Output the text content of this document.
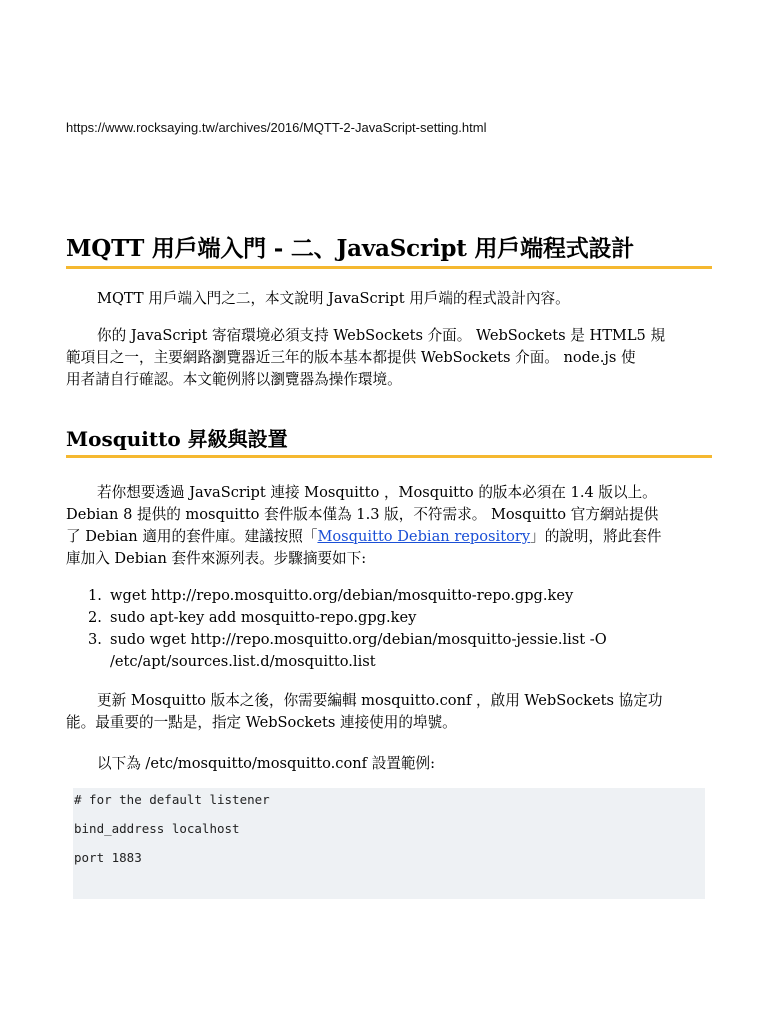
https://www.rocksaying.tw/archives/2016/MQTT-2-JavaScript-setting.html
MQTT 用戶端入門 - 二、JavaScript 用戶端程式設計
MQTT 用戶端入門之二，本文說明 JavaScript 用戶端的程式設計內容。
你的 JavaScript 寄宿環境必須支持 WebSockets 介面。 WebSockets 是 HTML5 規
範項目之一，主要網路瀏覽器近三年的版本基本都提供 WebSockets 介面。 node.js 使
用者請自行確認。本文範例將以瀏覽器為操作環境。
Mosquitto 昇級與設置
若你想要透過 JavaScript 連接 Mosquitto ，Mosquitto 的版本必須在 1.4 版以上。
Debian 8 提供的 mosquitto 套件版本僅為 1.3 版，不符需求。 Mosquitto 官方網站提供
了 Debian 適用的套件庫。建議按照「Mosquitto Debian repository」的說明，將此套件
庫加入 Debian 套件來源列表。步驟摘要如下:
1. wget http://repo.mosquitto.org/debian/mosquitto-repo.gpg.key
2. sudo apt-key add mosquitto-repo.gpg.key
3. sudo wget http://repo.mosquitto.org/debian/mosquitto-jessie.list -O
/etc/apt/sources.list.d/mosquitto.list
更新 Mosquitto 版本之後，你需要編輯 mosquitto.conf ，啟用 WebSockets 協定功
能。最重要的一點是，指定 WebSockets 連接使用的埠號。
以下為 /etc/mosquitto/mosquitto.conf 設置範例:
# for the default listener
bind_address localhost
port 1883
